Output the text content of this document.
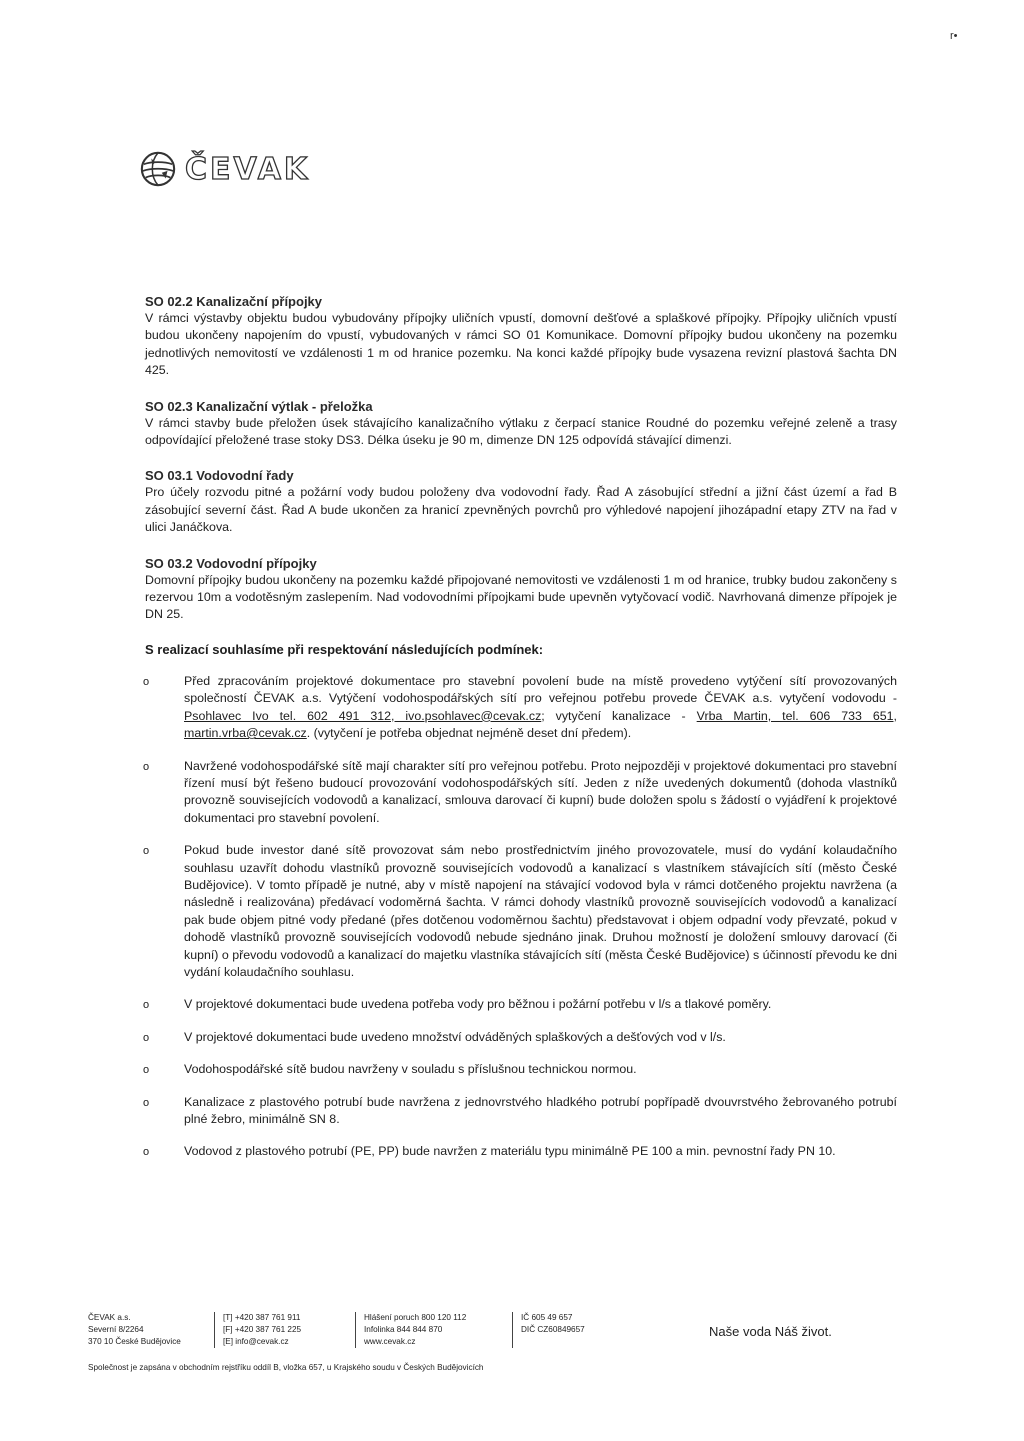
r•
ČEVAK
SO 02.2 Kanalizační přípojky
V rámci výstavby objektu budou vybudovány přípojky uličních vpustí, domovní dešťové a splaškové přípojky. Přípojky uličních vpustí budou ukončeny napojením do vpustí, vybudovaných v rámci SO 01 Komunikace. Domovní přípojky budou ukončeny na pozemku jednotlivých nemovitostí ve vzdálenosti 1 m od hranice pozemku. Na konci každé přípojky bude vysazena revizní plastová šachta DN 425.
SO 02.3 Kanalizační výtlak - přeložka
V rámci stavby bude přeložen úsek stávajícího kanalizačního výtlaku z čerpací stanice Roudné do pozemku veřejné zeleně a trasy odpovídající přeložené trase stoky DS3. Délka úseku je 90 m, dimenze DN 125 odpovídá stávající dimenzi.
SO 03.1 Vodovodní řady
Pro účely rozvodu pitné a požární vody budou položeny dva vodovodní řady. Řad A zásobující střední a jižní část území a řad B zásobující severní část. Řad A bude ukončen za hranicí zpevněných povrchů pro výhledové napojení jihozápadní etapy ZTV na řad v ulici Janáčkova.
SO 03.2 Vodovodní přípojky
Domovní přípojky budou ukončeny na pozemku každé připojované nemovitosti ve vzdálenosti 1 m od hranice, trubky budou zakončeny s rezervou 10m a vodotěsným zaslepením. Nad vodovodními přípojkami bude upevněn vytyčovací vodič. Navrhovaná dimenze přípojek je DN 25.
S realizací souhlasíme při respektování následujících podmínek:
o	Před zpracováním projektové dokumentace pro stavební povolení bude na místě provedeno vytýčení sítí provozovaných společností ČEVAK a.s. Vytýčení vodohospodářských sítí pro veřejnou potřebu provede ČEVAK a.s. vytyčení vodovodu - Psohlavec Ivo tel. 602 491 312, ivo.psohlavec@cevak.cz; vytyčení kanalizace - Vrba Martin, tel. 606 733 651, martin.vrba@cevak.cz. (vytyčení je potřeba objednat nejméně deset dní předem).
o	Navržené vodohospodářské sítě mají charakter sítí pro veřejnou potřebu. Proto nejpozději v projektové dokumentaci pro stavební řízení musí být řešeno budoucí provozování vodohospodářských sítí. Jeden z níže uvedených dokumentů (dohoda vlastníků provozně souvisejících vodovodů a kanalizací, smlouva darovací či kupní) bude doložen spolu s žádostí o vyjádření k projektové dokumentaci pro stavební povolení.
o	Pokud bude investor dané sítě provozovat sám nebo prostřednictvím jiného provozovatele, musí do vydání kolaudačního souhlasu uzavřít dohodu vlastníků provozně souvisejících vodovodů a kanalizací s vlastníkem stávajících sítí (město České Budějovice). V tomto případě je nutné, aby v místě napojení na stávající vodovod byla v rámci dotčeného projektu navržena (a následně i realizována) předávací vodoměrná šachta. V rámci dohody vlastníků provozně souvisejících vodovodů a kanalizací pak bude objem pitné vody předané (přes dotčenou vodoměrnou šachtu) představovat i objem odpadní vody převzaté, pokud v dohodě vlastníků provozně souvisejících vodovodů nebude sjednáno jinak. Druhou možností je doložení smlouvy darovací (či kupní) o převodu vodovodů a kanalizací do majetku vlastníka stávajících sítí (města České Budějovice) s účinností převodu ke dni vydání kolaudačního souhlasu.
o	V projektové dokumentaci bude uvedena potřeba vody pro běžnou i požární potřebu v l/s a tlakové poměry.
o	V projektové dokumentaci bude uvedeno množství odváděných splaškových a dešťových vod v l/s.
o	Vodohospodářské sítě budou navrženy v souladu s příslušnou technickou normou.
o	Kanalizace z plastového potrubí bude navržena z jednovrstvého hladkého potrubí popřípadě dvouvrstvého žebrovaného potrubí plné žebro, minimálně SN 8.
o	Vodovod z plastového potrubí (PE, PP) bude navržen z materiálu typu minimálně PE 100 a min. pevnostní řady PN 10.
ČEVAK a.s.
Severní 8/2264
370 10 České Budějovice
[T] +420 387 761 911
[F] +420 387 761 225
[E] info@cevak.cz
Hlášení poruch 800 120 112
Infolinka 844 844 870
www.cevak.cz
IČ 605 49 657
DIČ CZ60849657	Naše voda Náš život.
Společnost je zapsána v obchodním rejstříku oddíl B, vložka 657, u Krajského soudu v Českých Budějovicích
